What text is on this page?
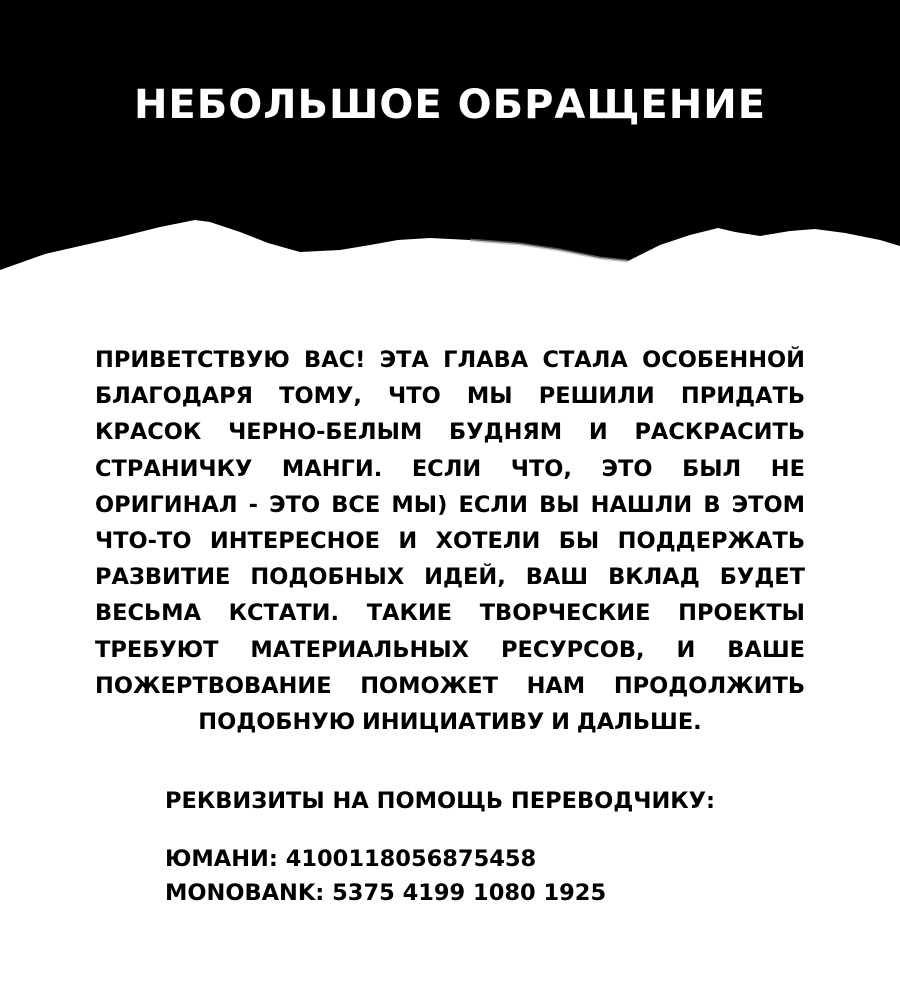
НЕБОЛЬШОЕ ОБРАЩЕНИЕ

ПРИВЕТСТВУЮ ВАС! ЭТА ГЛАВА СТАЛА ОСОБЕННОЙ БЛАГОДАРЯ ТОМУ, ЧТО МЫ РЕШИЛИ ПРИДАТЬ КРАСОК ЧЕРНО-БЕЛЫМ БУДНЯМ И РАСКРАСИТЬ СТРАНИЧКУ МАНГИ. ЕСЛИ ЧТО, ЭТО БЫЛ НЕ ОРИГИНАЛ - ЭТО ВСЕ МЫ) ЕСЛИ ВЫ НАШЛИ В ЭТОМ ЧТО-ТО ИНТЕРЕСНОЕ И ХОТЕЛИ БЫ ПОДДЕРЖАТЬ РАЗВИТИЕ ПОДОБНЫХ ИДЕЙ, ВАШ ВКЛАД БУДЕТ ВЕСЬМА КСТАТИ. ТАКИЕ ТВОРЧЕСКИЕ ПРОЕКТЫ ТРЕБУЮТ МАТЕРИАЛЬНЫХ РЕСУРСОВ, И ВАШЕ ПОЖЕРТВОВАНИЕ ПОМОЖЕТ НАМ ПРОДОЛЖИТЬ ПОДОБНУЮ ИНИЦИАТИВУ И ДАЛЬШЕ.

РЕКВИЗИТЫ НА ПОМОЩЬ ПЕРЕВОДЧИКУ:

ЮМАНИ: 4100118056875458
MONOBANK: 5375 4199 1080 1925
